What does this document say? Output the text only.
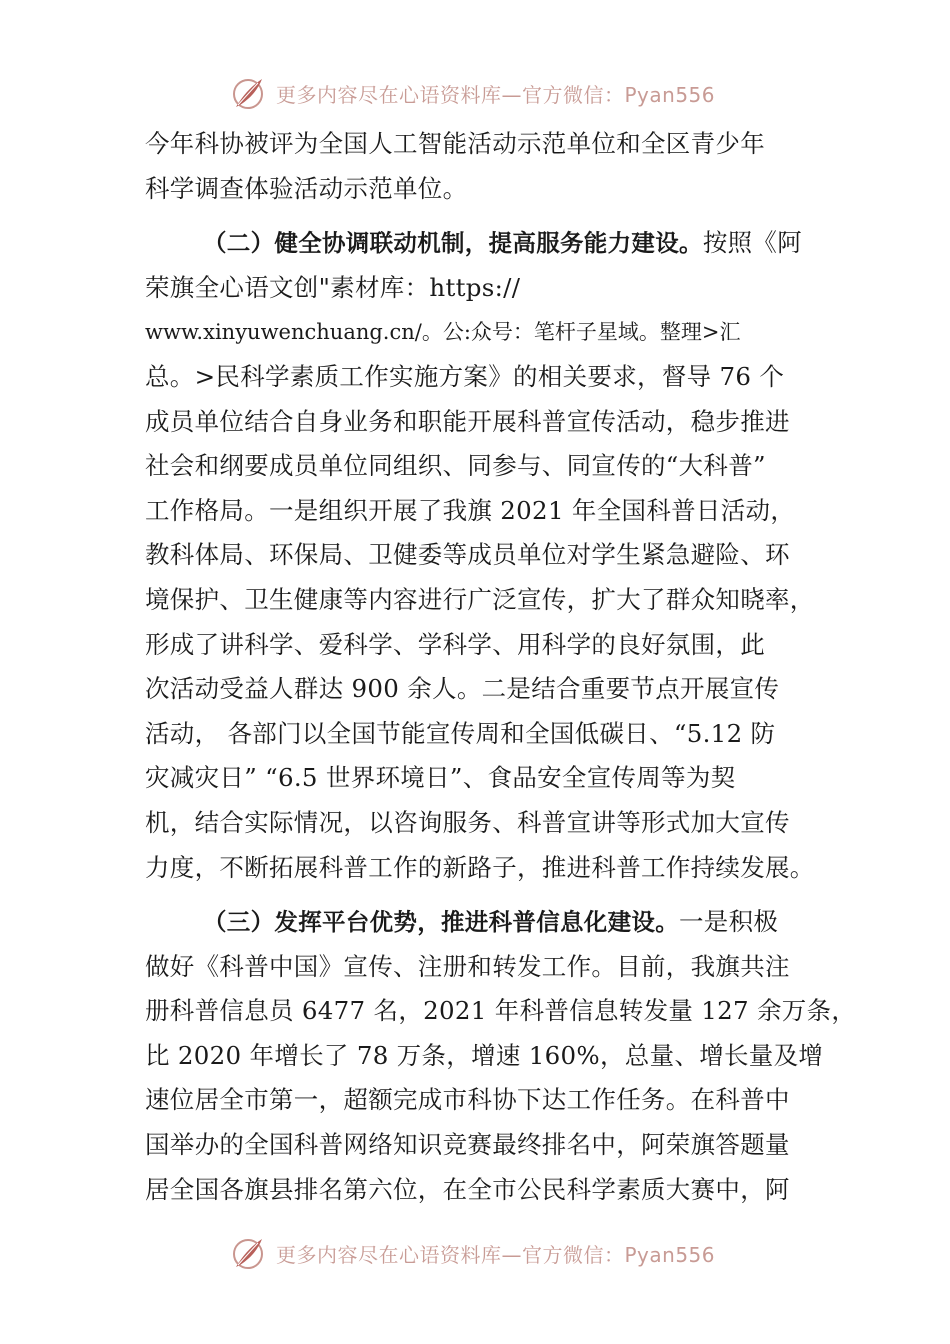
更多内容尽在心语资料库—官方微信：Pyan556
今年科协被评为全国人工智能活动示范单位和全区青少年
科学调查体验活动示范单位。
（二）健全协调联动机制，提高服务能力建设。按照《阿
荣旗全心语文创"素材库：https://
www.xinyuwenchuang.cn/。公:众号：笔杆子星域。整理>汇
总。>民科学素质工作实施方案》的相关要求，督导 76 个
成员单位结合自身业务和职能开展科普宣传活动，稳步推进
社会和纲要成员单位同组织、同参与、同宣传的“大科普”
工作格局。一是组织开展了我旗 2021 年全国科普日活动，
教科体局、环保局、卫健委等成员单位对学生紧急避险、环
境保护、卫生健康等内容进行广泛宣传，扩大了群众知晓率，
形成了讲科学、爱科学、学科学、用科学的良好氛围，此
次活动受益人群达 900 余人。二是结合重要节点开展宣传
活动， 各部门以全国节能宣传周和全国低碳日、“5.12 防
灾减灾日” “6.5 世界环境日”、食品安全宣传周等为契
机，结合实际情况，以咨询服务、科普宣讲等形式加大宣传
力度，不断拓展科普工作的新路子，推进科普工作持续发展。
（三）发挥平台优势，推进科普信息化建设。一是积极
做好《科普中国》宣传、注册和转发工作。目前，我旗共注
册科普信息员 6477 名，2021 年科普信息转发量 127 余万条，
比 2020 年增长了 78 万条，增速 160%，总量、增长量及增
速位居全市第一，超额完成市科协下达工作任务。在科普中
国举办的全国科普网络知识竞赛最终排名中，阿荣旗答题量
居全国各旗县排名第六位，在全市公民科学素质大赛中，阿
更多内容尽在心语资料库—官方微信：Pyan556
